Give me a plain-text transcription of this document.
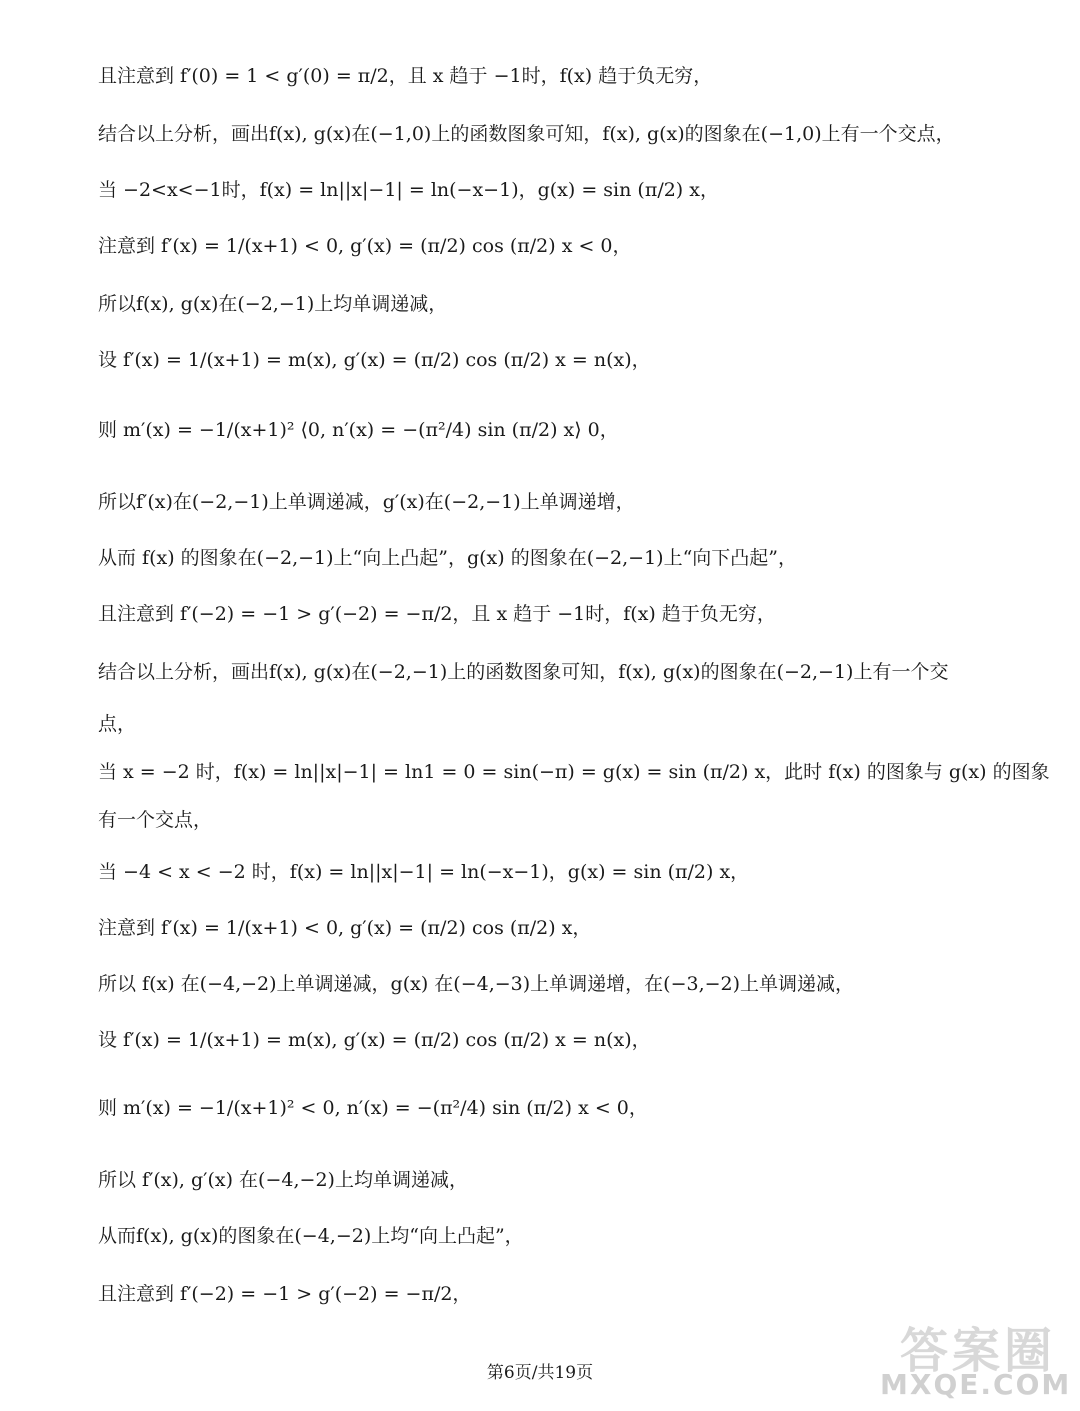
且注意到 f′(0) = 1 < g′(0) = π/2，且 x 趋于 −1时，f(x) 趋于负无穷，
结合以上分析，画出f(x), g(x)在(−1,0)上的函数图象可知，f(x), g(x)的图象在(−1,0)上有一个交点，
当 −2<x<−1时，f(x) = ln||x|−1| = ln(−x−1)，g(x) = sin (π/2) x，
注意到 f′(x) = 1/(x+1) < 0, g′(x) = (π/2) cos (π/2) x < 0，
所以f(x), g(x)在(−2,−1)上均单调递减，
设 f′(x) = 1/(x+1) = m(x), g′(x) = (π/2) cos (π/2) x = n(x)，
则 m′(x) = −1/(x+1)² ⟨0, n′(x) = −(π²/4) sin (π/2) x⟩ 0，
所以f′(x)在(−2,−1)上单调递减，g′(x)在(−2,−1)上单调递增，
从而 f(x) 的图象在(−2,−1)上“向上凸起”，g(x) 的图象在(−2,−1)上“向下凸起”，
且注意到 f′(−2) = −1 > g′(−2) = −π/2，且 x 趋于 −1时，f(x) 趋于负无穷，
结合以上分析，画出f(x), g(x)在(−2,−1)上的函数图象可知，f(x), g(x)的图象在(−2,−1)上有一个交
点，
当 x = −2 时，f(x) = ln||x|−1| = ln1 = 0 = sin(−π) = g(x) = sin (π/2) x，此时 f(x) 的图象与 g(x) 的图象
有一个交点，
当 −4 < x < −2 时，f(x) = ln||x|−1| = ln(−x−1)，g(x) = sin (π/2) x，
注意到 f′(x) = 1/(x+1) < 0, g′(x) = (π/2) cos (π/2) x，
所以 f(x) 在(−4,−2)上单调递减，g(x) 在(−4,−3)上单调递增，在(−3,−2)上单调递减，
设 f′(x) = 1/(x+1) = m(x), g′(x) = (π/2) cos (π/2) x = n(x)，
则 m′(x) = −1/(x+1)² < 0, n′(x) = −(π²/4) sin (π/2) x < 0，
所以 f′(x), g′(x) 在(−4,−2)上均单调递减，
从而f(x), g(x)的图象在(−4,−2)上均“向上凸起”，
且注意到 f′(−2) = −1 > g′(−2) = −π/2，
第6页/共19页	答案圈
MXQE.COM
